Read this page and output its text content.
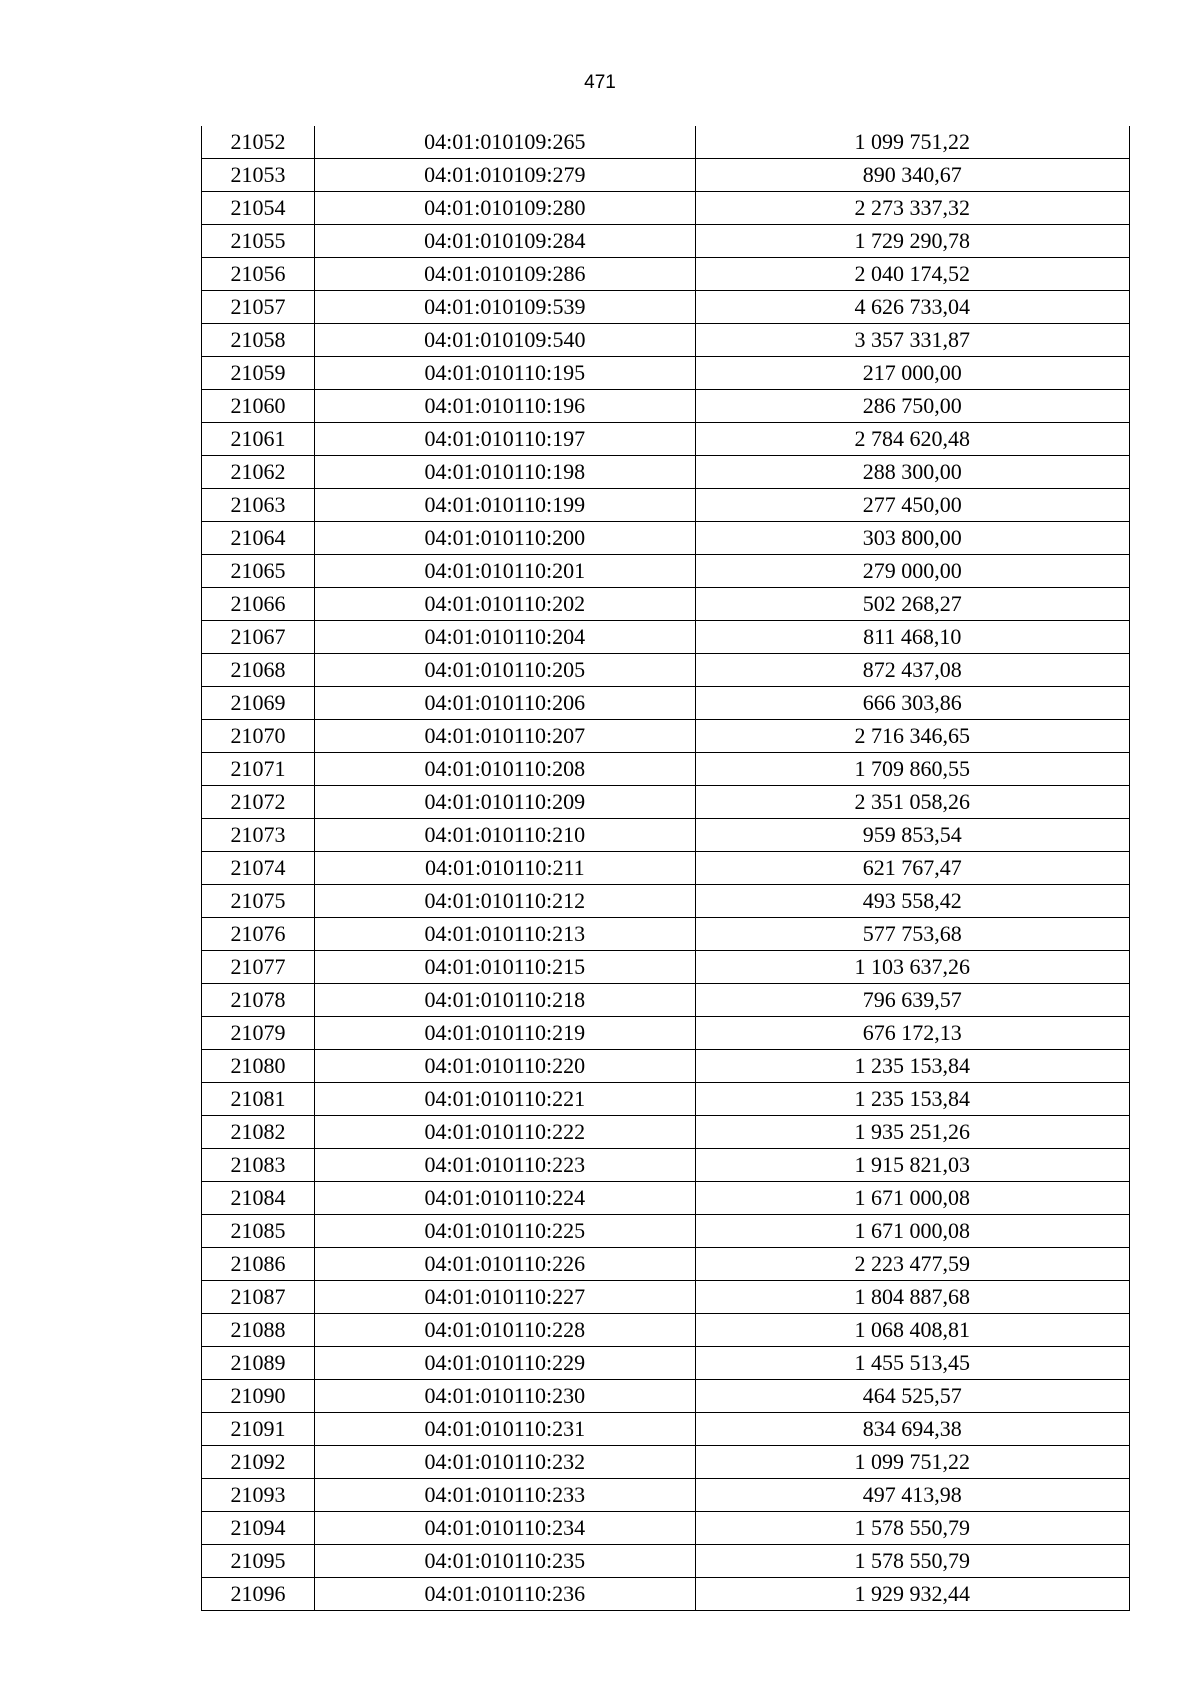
471
21052	04:01:010109:265	1 099 751,22
21053	04:01:010109:279	890 340,67
21054	04:01:010109:280	2 273 337,32
21055	04:01:010109:284	1 729 290,78
21056	04:01:010109:286	2 040 174,52
21057	04:01:010109:539	4 626 733,04
21058	04:01:010109:540	3 357 331,87
21059	04:01:010110:195	217 000,00
21060	04:01:010110:196	286 750,00
21061	04:01:010110:197	2 784 620,48
21062	04:01:010110:198	288 300,00
21063	04:01:010110:199	277 450,00
21064	04:01:010110:200	303 800,00
21065	04:01:010110:201	279 000,00
21066	04:01:010110:202	502 268,27
21067	04:01:010110:204	811 468,10
21068	04:01:010110:205	872 437,08
21069	04:01:010110:206	666 303,86
21070	04:01:010110:207	2 716 346,65
21071	04:01:010110:208	1 709 860,55
21072	04:01:010110:209	2 351 058,26
21073	04:01:010110:210	959 853,54
21074	04:01:010110:211	621 767,47
21075	04:01:010110:212	493 558,42
21076	04:01:010110:213	577 753,68
21077	04:01:010110:215	1 103 637,26
21078	04:01:010110:218	796 639,57
21079	04:01:010110:219	676 172,13
21080	04:01:010110:220	1 235 153,84
21081	04:01:010110:221	1 235 153,84
21082	04:01:010110:222	1 935 251,26
21083	04:01:010110:223	1 915 821,03
21084	04:01:010110:224	1 671 000,08
21085	04:01:010110:225	1 671 000,08
21086	04:01:010110:226	2 223 477,59
21087	04:01:010110:227	1 804 887,68
21088	04:01:010110:228	1 068 408,81
21089	04:01:010110:229	1 455 513,45
21090	04:01:010110:230	464 525,57
21091	04:01:010110:231	834 694,38
21092	04:01:010110:232	1 099 751,22
21093	04:01:010110:233	497 413,98
21094	04:01:010110:234	1 578 550,79
21095	04:01:010110:235	1 578 550,79
21096	04:01:010110:236	1 929 932,44
